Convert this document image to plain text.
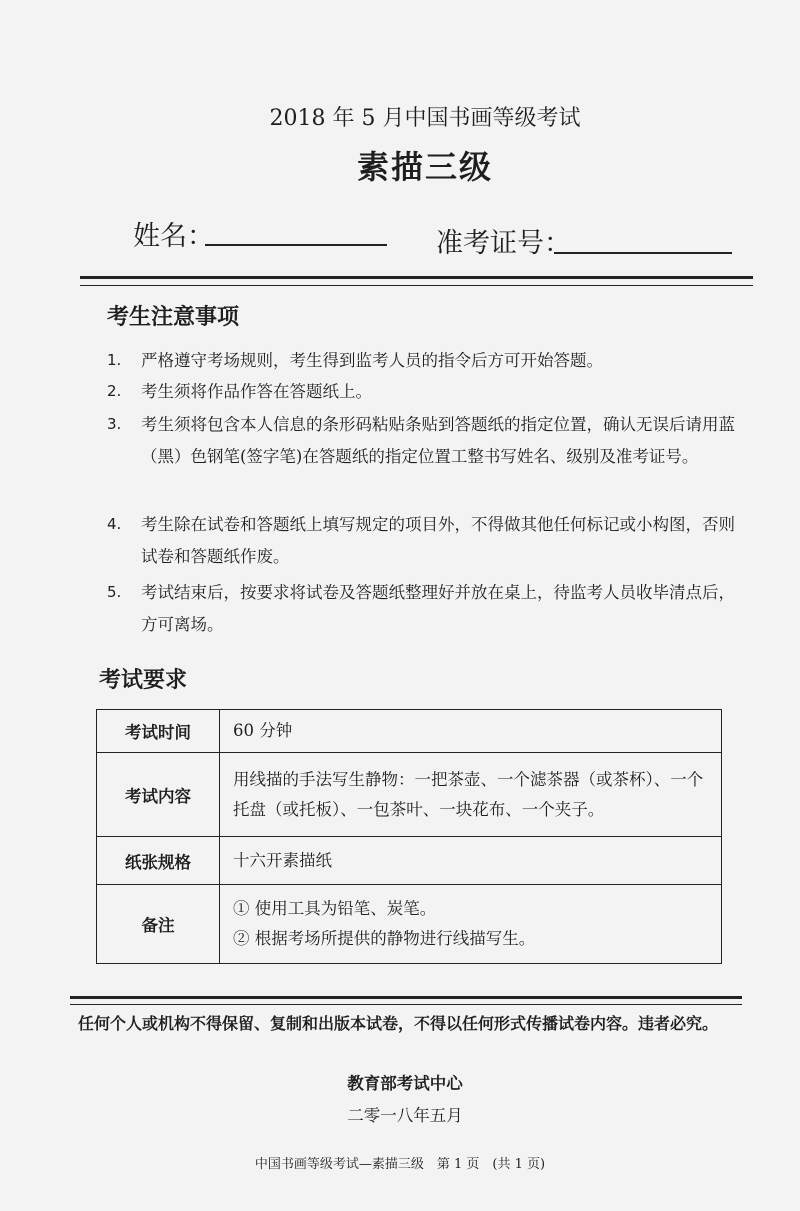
2018 年 5 月中国书画等级考试
素描三级
姓名：	准考证号：
考生注意事项
1.	严格遵守考场规则，考生得到监考人员的指令后方可开始答题。
2.	考生须将作品作答在答题纸上。
3.	考生须将包含本人信息的条形码粘贴条贴到答题纸的指定位置，确认无误后请用蓝（黑）色钢笔(签字笔)在答题纸的指定位置工整书写姓名、级别及准考证号。
4.	考生除在试卷和答题纸上填写规定的项目外，不得做其他任何标记或小构图，否则试卷和答题纸作废。
5.	考试结束后，按要求将试卷及答题纸整理好并放在桌上，待监考人员收毕清点后，方可离场。
考试要求
考试时间	60 分钟
考试内容	用线描的手法写生静物：一把茶壶、一个滤茶器（或茶杯）、一个托盘（或托板）、一包茶叶、一块花布、一个夹子。
纸张规格	十六开素描纸
备注	① 使用工具为铅笔、炭笔。
② 根据考场所提供的静物进行线描写生。
任何个人或机构不得保留、复制和出版本试卷，不得以任何形式传播试卷内容。违者必究。
教育部考试中心
二零一八年五月
中国书画等级考试—素描三级　第 1 页　(共 1 页)
